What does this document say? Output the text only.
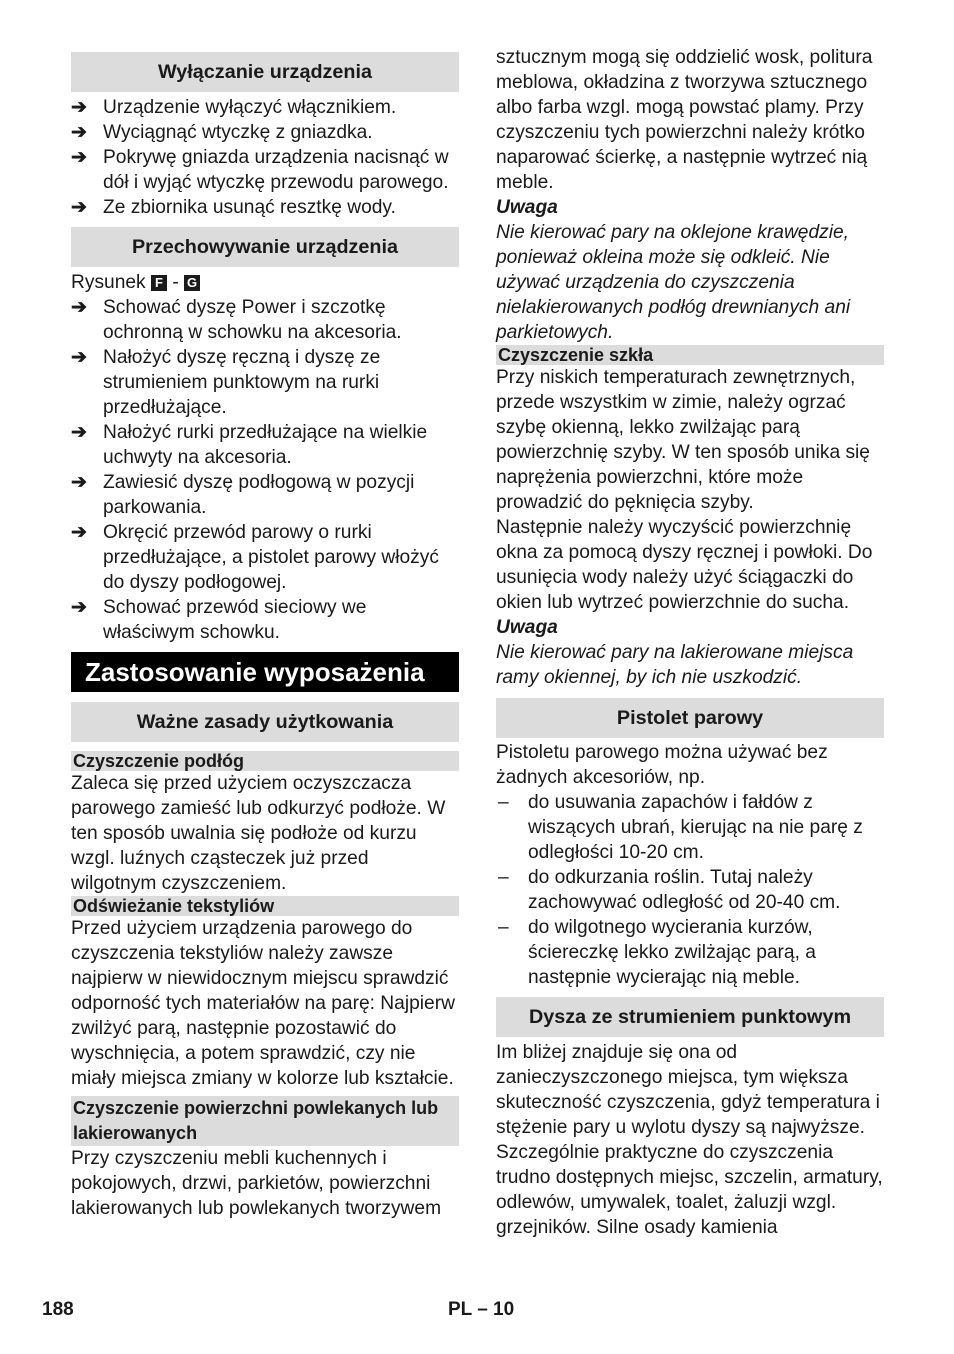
Wyłączanie urządzenia
➔ Urządzenie wyłączyć włącznikiem.
➔ Wyciągnąć wtyczkę z gniazdka.
➔ Pokrywę gniazda urządzenia nacisnąć w dół i wyjąć wtyczkę przewodu parowego.
➔ Ze zbiornika usunąć resztkę wody.
Przechowywanie urządzenia

Rysunek F - G

➔ Schować dyszę Power i szczotkę ochronną w schowku na akcesoria.
➔ Nałożyć dyszę ręczną i dyszę ze strumieniem punktowym na rurki przedłużające.
➔ Nałożyć rurki przedłużające na wielkie uchwyty na akcesoria.
➔ Zawiesić dyszę podłogową w pozycji parkowania.
➔ Okręcić przewód parowy o rurki przedłużające, a pistolet parowy włożyć do dyszy podłogowej.
➔ Schować przewód sieciowy we właściwym schowku.
Zastosowanie wyposażenia
Ważne zasady użytkowania
Czyszczenie podłóg

Zaleca się przed użyciem oczyszczacza parowego zamieść lub odkurzyć podłoże. W ten sposób uwalnia się podłoże od kurzu wzgl. luźnych cząsteczek już przed wilgotnym czyszczeniem.

Odświeżanie tekstyliów

Przed użyciem urządzenia parowego do czyszczenia tekstyliów należy zawsze najpierw w niewidocznym miejscu sprawdzić odporność tych materiałów na parę: Najpierw zwilżyć parą, następnie pozostawić do wyschnięcia, a potem sprawdzić, czy nie miały miejsca zmiany w kolorze lub kształcie.

Czyszczenie powierzchni powlekanych lub lakierowanych

Przy czyszczeniu mebli kuchennych i pokojowych, drzwi, parkietów, powierzchni lakierowanych lub powlekanych tworzywem

sztucznym mogą się oddzielić wosk, politura meblowa, okładzina z tworzywa sztucznego albo farba wzgl. mogą powstać plamy. Przy czyszczeniu tych powierzchni należy krótko naparować ścierkę, a następnie wytrzeć nią meble.

Uwaga

Nie kierować pary na oklejone krawędzie, ponieważ okleina może się odkleić. Nie używać urządzenia do czyszczenia nielakierowanych podłóg drewnianych ani parkietowych.

Czyszczenie szkła

Przy niskich temperaturach zewnętrznych, przede wszystkim w zimie, należy ogrzać szybę okienną, lekko zwilżając parą powierzchnię szyby. W ten sposób unika się naprężenia powierzchni, które może prowadzić do pęknięcia szyby.

Następnie należy wyczyścić powierzchnię okna za pomocą dyszy ręcznej i powłoki. Do usunięcia wody należy użyć ściągaczki do okien lub wytrzeć powierzchnie do sucha.

Uwaga

Nie kierować pary na lakierowane miejsca ramy okiennej, by ich nie uszkodzić.

Pistolet parowy

Pistoletu parowego można używać bez żadnych akcesoriów, np.

–	do usuwania zapachów i fałdów z wiszących ubrań, kierując na nie parę z odległości 10-20 cm.
–	do odkurzania roślin. Tutaj należy zachowywać odległość od 20-40 cm.
–	do wilgotnego wycierania kurzów, ściereczkę lekko zwilżając parą, a następnie wycierając nią meble.
Dysza ze strumieniem punktowym

Im bliżej znajduje się ona od zanieczyszczonego miejsca, tym większa skuteczność czyszczenia, gdyż temperatura i stężenie pary u wylotu dyszy są najwyższe. Szczególnie praktyczne do czyszczenia trudno dostępnych miejsc, szczelin, armatury, odlewów, umywalek, toalet, żaluzji wzgl. grzejników. Silne osady kamienia

188	PL – 10
